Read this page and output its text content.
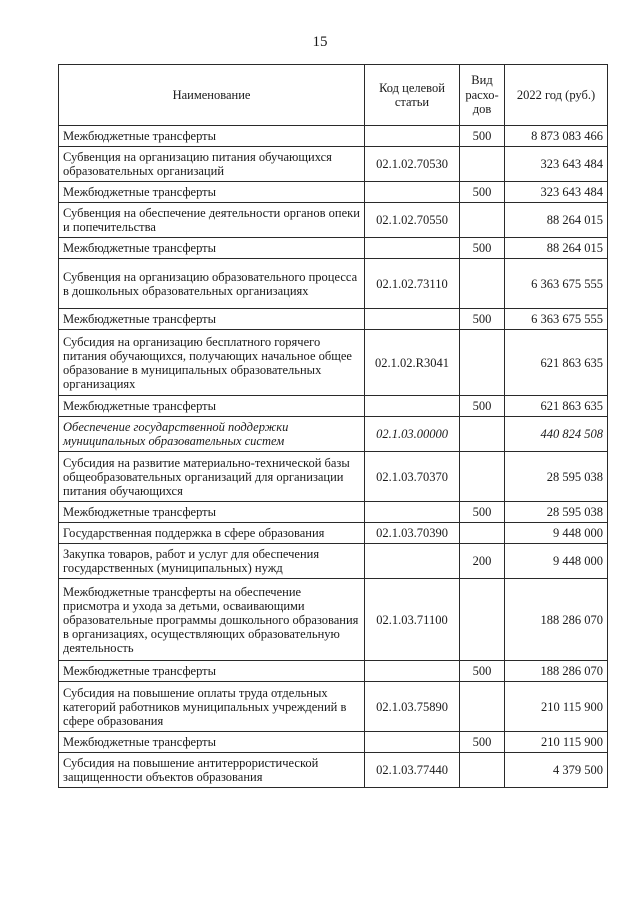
15
Наименование	Код целевой статьи	Вид расхо-дов	2022 год (руб.)
Межбюджетные трансферты		500	8 873 083 466
Субвенция на организацию питания обучающихся образовательных организаций	02.1.02.70530		323 643 484
Межбюджетные трансферты		500	323 643 484
Субвенция на обеспечение деятельности органов опеки и попечительства	02.1.02.70550		88 264 015
Межбюджетные трансферты		500	88 264 015
Субвенция на организацию образовательного процесса в дошкольных образовательных организациях	02.1.02.73110		6 363 675 555
Межбюджетные трансферты		500	6 363 675 555
Субсидия на организацию бесплатного горячего питания обучающихся, получающих начальное общее образование в муниципальных образовательных организациях	02.1.02.R3041		621 863 635
Межбюджетные трансферты		500	621 863 635
Обеспечение государственной поддержки муниципальных образовательных систем	02.1.03.00000		440 824 508
Субсидия на развитие материально-технической базы общеобразовательных организаций для организации питания обучающихся	02.1.03.70370		28 595 038
Межбюджетные трансферты		500	28 595 038
Государственная поддержка в сфере образования	02.1.03.70390		9 448 000
Закупка товаров, работ и услуг для обеспечения государственных (муниципальных) нужд		200	9 448 000
Межбюджетные трансферты на обеспечение присмотра и ухода за детьми, осваивающими образовательные программы дошкольного образования в организациях, осуществляющих образовательную деятельность	02.1.03.71100		188 286 070
Межбюджетные трансферты		500	188 286 070
Субсидия на повышение оплаты труда отдельных категорий работников муниципальных учреждений в сфере образования	02.1.03.75890		210 115 900
Межбюджетные трансферты		500	210 115 900
Субсидия на повышение антитеррористической защищенности объектов образования	02.1.03.77440		4 379 500
